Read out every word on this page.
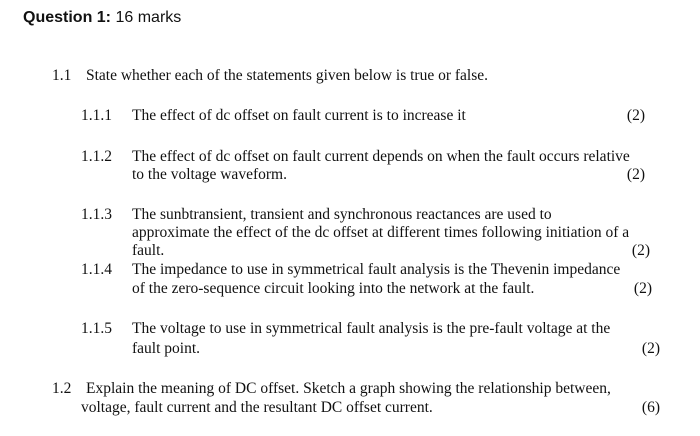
Question 1: 16 marks
1.1 State whether each of the statements given below is true or false.
1.1.1 The effect of dc offset on fault current is to increase it	(2)
1.1.2 The effect of dc offset on fault current depends on when the fault occurs relative
to the voltage waveform.	(2)
1.1.3 The sunbtransient, transient and synchronous reactances are used to
approximate the effect of the dc offset at different times following initiation of a
fault.	(2)
1.1.4 The impedance to use in symmetrical fault analysis is the Thevenin impedance
of the zero-sequence circuit looking into the network at the fault.	(2)
1.1.5 The voltage to use in symmetrical fault analysis is the pre-fault voltage at the
fault point.	(2)
1.2 Explain the meaning of DC offset. Sketch a graph showing the relationship between,
voltage, fault current and the resultant DC offset current.	(6)
